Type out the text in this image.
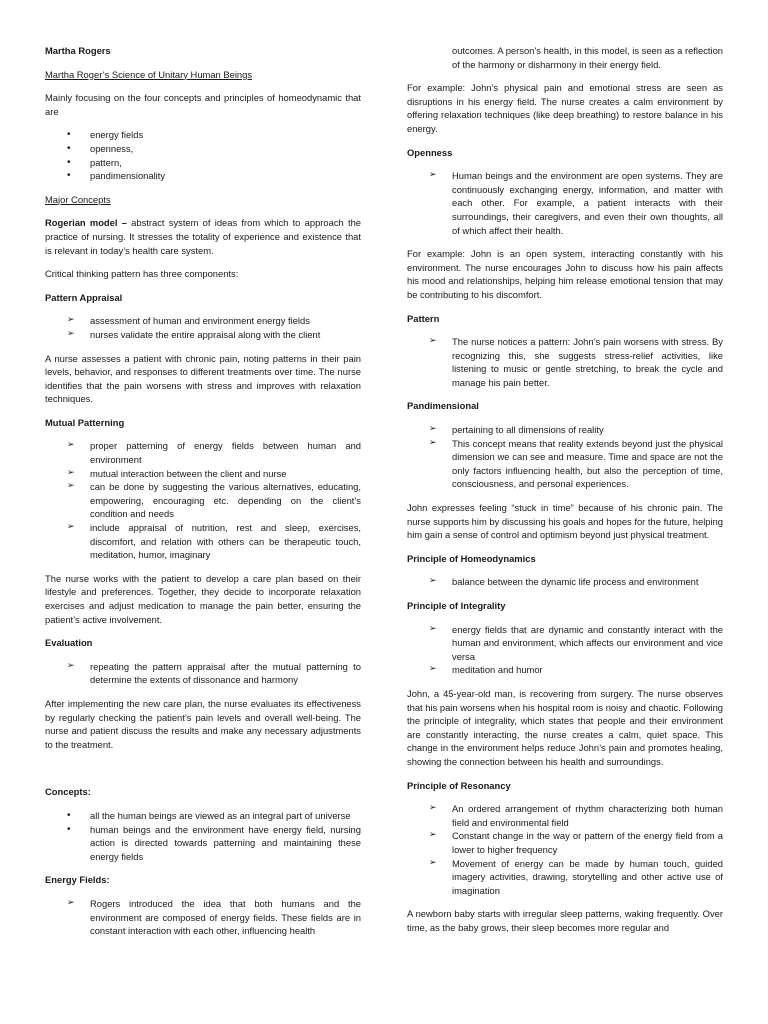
Martha Rogers

Martha Roger’s Science of Unitary Human Beings

Mainly focusing on the four concepts and principles of homeodynamic that are

• energy fields
• openness,
• pattern,
• pandimensionality

Major Concepts

Rogerian model – abstract system of ideas from which to approach the practice of nursing. It stresses the totality of experience and existence that is relevant in today’s health care system.

Critical thinking pattern has three components:

Pattern Appraisal

➢ assessment of human and environment energy fields
➢ nurses validate the entire appraisal along with the client

A nurse assesses a patient with chronic pain, noting patterns in their pain levels, behavior, and responses to different treatments over time. The nurse identifies that the pain worsens with stress and improves with relaxation techniques.

Mutual Patterning

➢ proper patterning of energy fields between human and environment
➢ mutual interaction between the client and nurse
➢ can be done by suggesting the various alternatives, educating, empowering, encouraging etc. depending on the client’s condition and needs
➢ include appraisal of nutrition, rest and sleep, exercises, discomfort, and relation with others can be therapeutic touch, meditation, humor, imaginary

The nurse works with the patient to develop a care plan based on their lifestyle and preferences. Together, they decide to incorporate relaxation exercises and adjust medication to manage the pain better, ensuring the patient’s active involvement.

Evaluation

➢ repeating the pattern appraisal after the mutual patterning to determine the extents of dissonance and harmony

After implementing the new care plan, the nurse evaluates its effectiveness by regularly checking the patient’s pain levels and overall well-being. The nurse and patient discuss the results and make any necessary adjustments to the treatment.

Concepts:

• all the human beings are viewed as an integral part of universe
• human beings and the environment have energy field, nursing action is directed towards patterning and maintaining these energy fields

Energy Fields:

➢ Rogers introduced the idea that both humans and the environment are composed of energy fields. These fields are in constant interaction with each other, influencing health
outcomes. A person’s health, in this model, is seen as a reflection of the harmony or disharmony in their energy field.

For example: John’s physical pain and emotional stress are seen as disruptions in his energy field. The nurse creates a calm environment by offering relaxation techniques (like deep breathing) to restore balance in his energy.

Openness

➢ Human beings and the environment are open systems. They are continuously exchanging energy, information, and matter with each other. For example, a patient interacts with their surroundings, their caregivers, and even their own thoughts, all of which affect their health.

For example: John is an open system, interacting constantly with his environment. The nurse encourages John to discuss how his pain affects his mood and relationships, helping him release emotional tension that may be contributing to his discomfort.

Pattern

➢ The nurse notices a pattern: John’s pain worsens with stress. By recognizing this, she suggests stress-relief activities, like listening to music or gentle stretching, to break the cycle and manage his pain better.

Pandimensional

➢ pertaining to all dimensions of reality
➢ This concept means that reality extends beyond just the physical dimension we can see and measure. Time and space are not the only factors influencing health, but also the perception of time, consciousness, and personal experiences.

John expresses feeling “stuck in time” because of his chronic pain. The nurse supports him by discussing his goals and hopes for the future, helping him gain a sense of control and optimism beyond just physical treatment.

Principle of Homeodynamics

➢ balance between the dynamic life process and environment

Principle of Integrality

➢ energy fields that are dynamic and constantly interact with the human and environment, which affects our environment and vice versa
➢ meditation and humor

John, a 45-year-old man, is recovering from surgery. The nurse observes that his pain worsens when his hospital room is noisy and chaotic. Following the principle of integrality, which states that people and their environment are constantly interacting, the nurse creates a calm, quiet space. This change in the environment helps reduce John’s pain and promotes healing, showing the connection between his health and surroundings.

Principle of Resonancy

➢ An ordered arrangement of rhythm characterizing both human field and environmental field
➢ Constant change in the way or pattern of the energy field from a lower to higher frequency
➢ Movement of energy can be made by human touch, guided imagery activities, drawing, storytelling and other active use of imagination

A newborn baby starts with irregular sleep patterns, waking frequently. Over time, as the baby grows, their sleep becomes more regular and
